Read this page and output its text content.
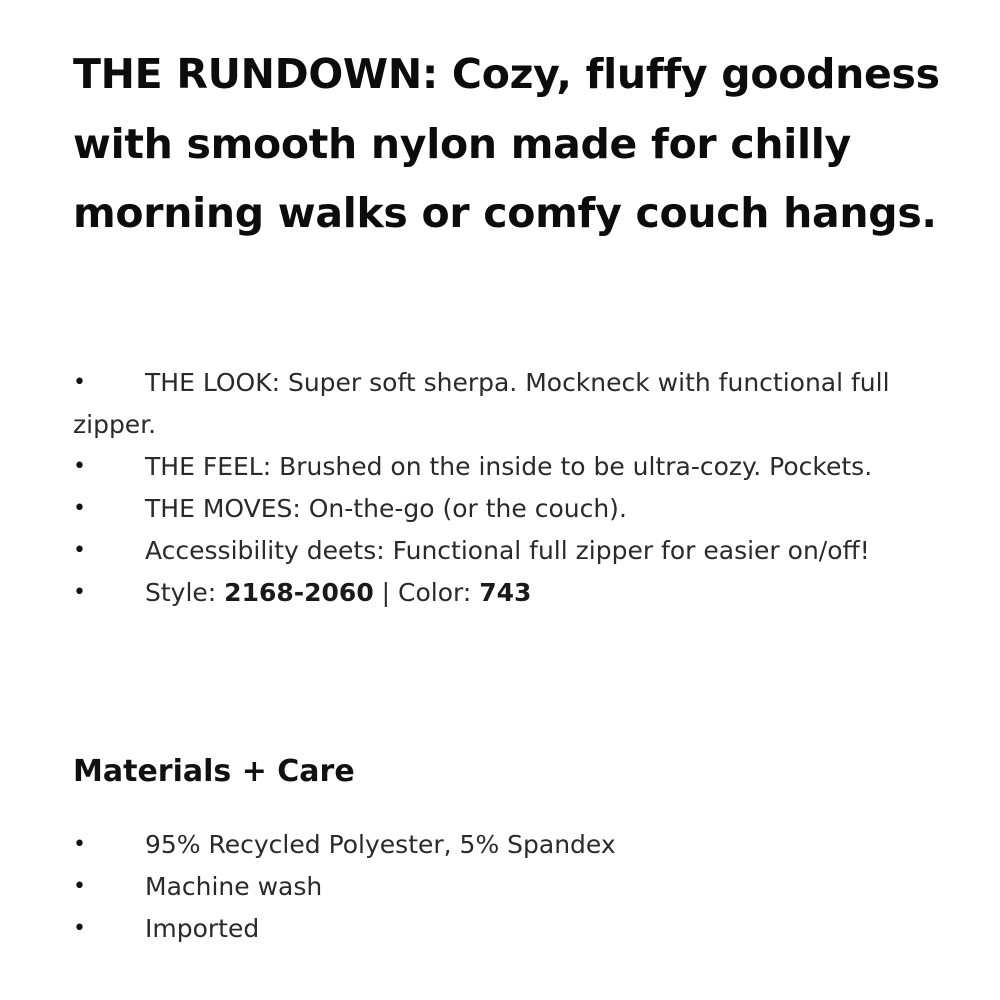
THE RUNDOWN: Cozy, fluffy goodness with smooth nylon made for chilly morning walks or comfy couch hangs.
• THE LOOK: Super soft sherpa. Mockneck with functional full zipper.
• THE FEEL: Brushed on the inside to be ultra-cozy. Pockets.
• THE MOVES: On-the-go (or the couch).
• Accessibility deets: Functional full zipper for easier on/off!
• Style: 2168-2060 | Color: 743
Materials + Care
• 95% Recycled Polyester, 5% Spandex
• Machine wash
• Imported
